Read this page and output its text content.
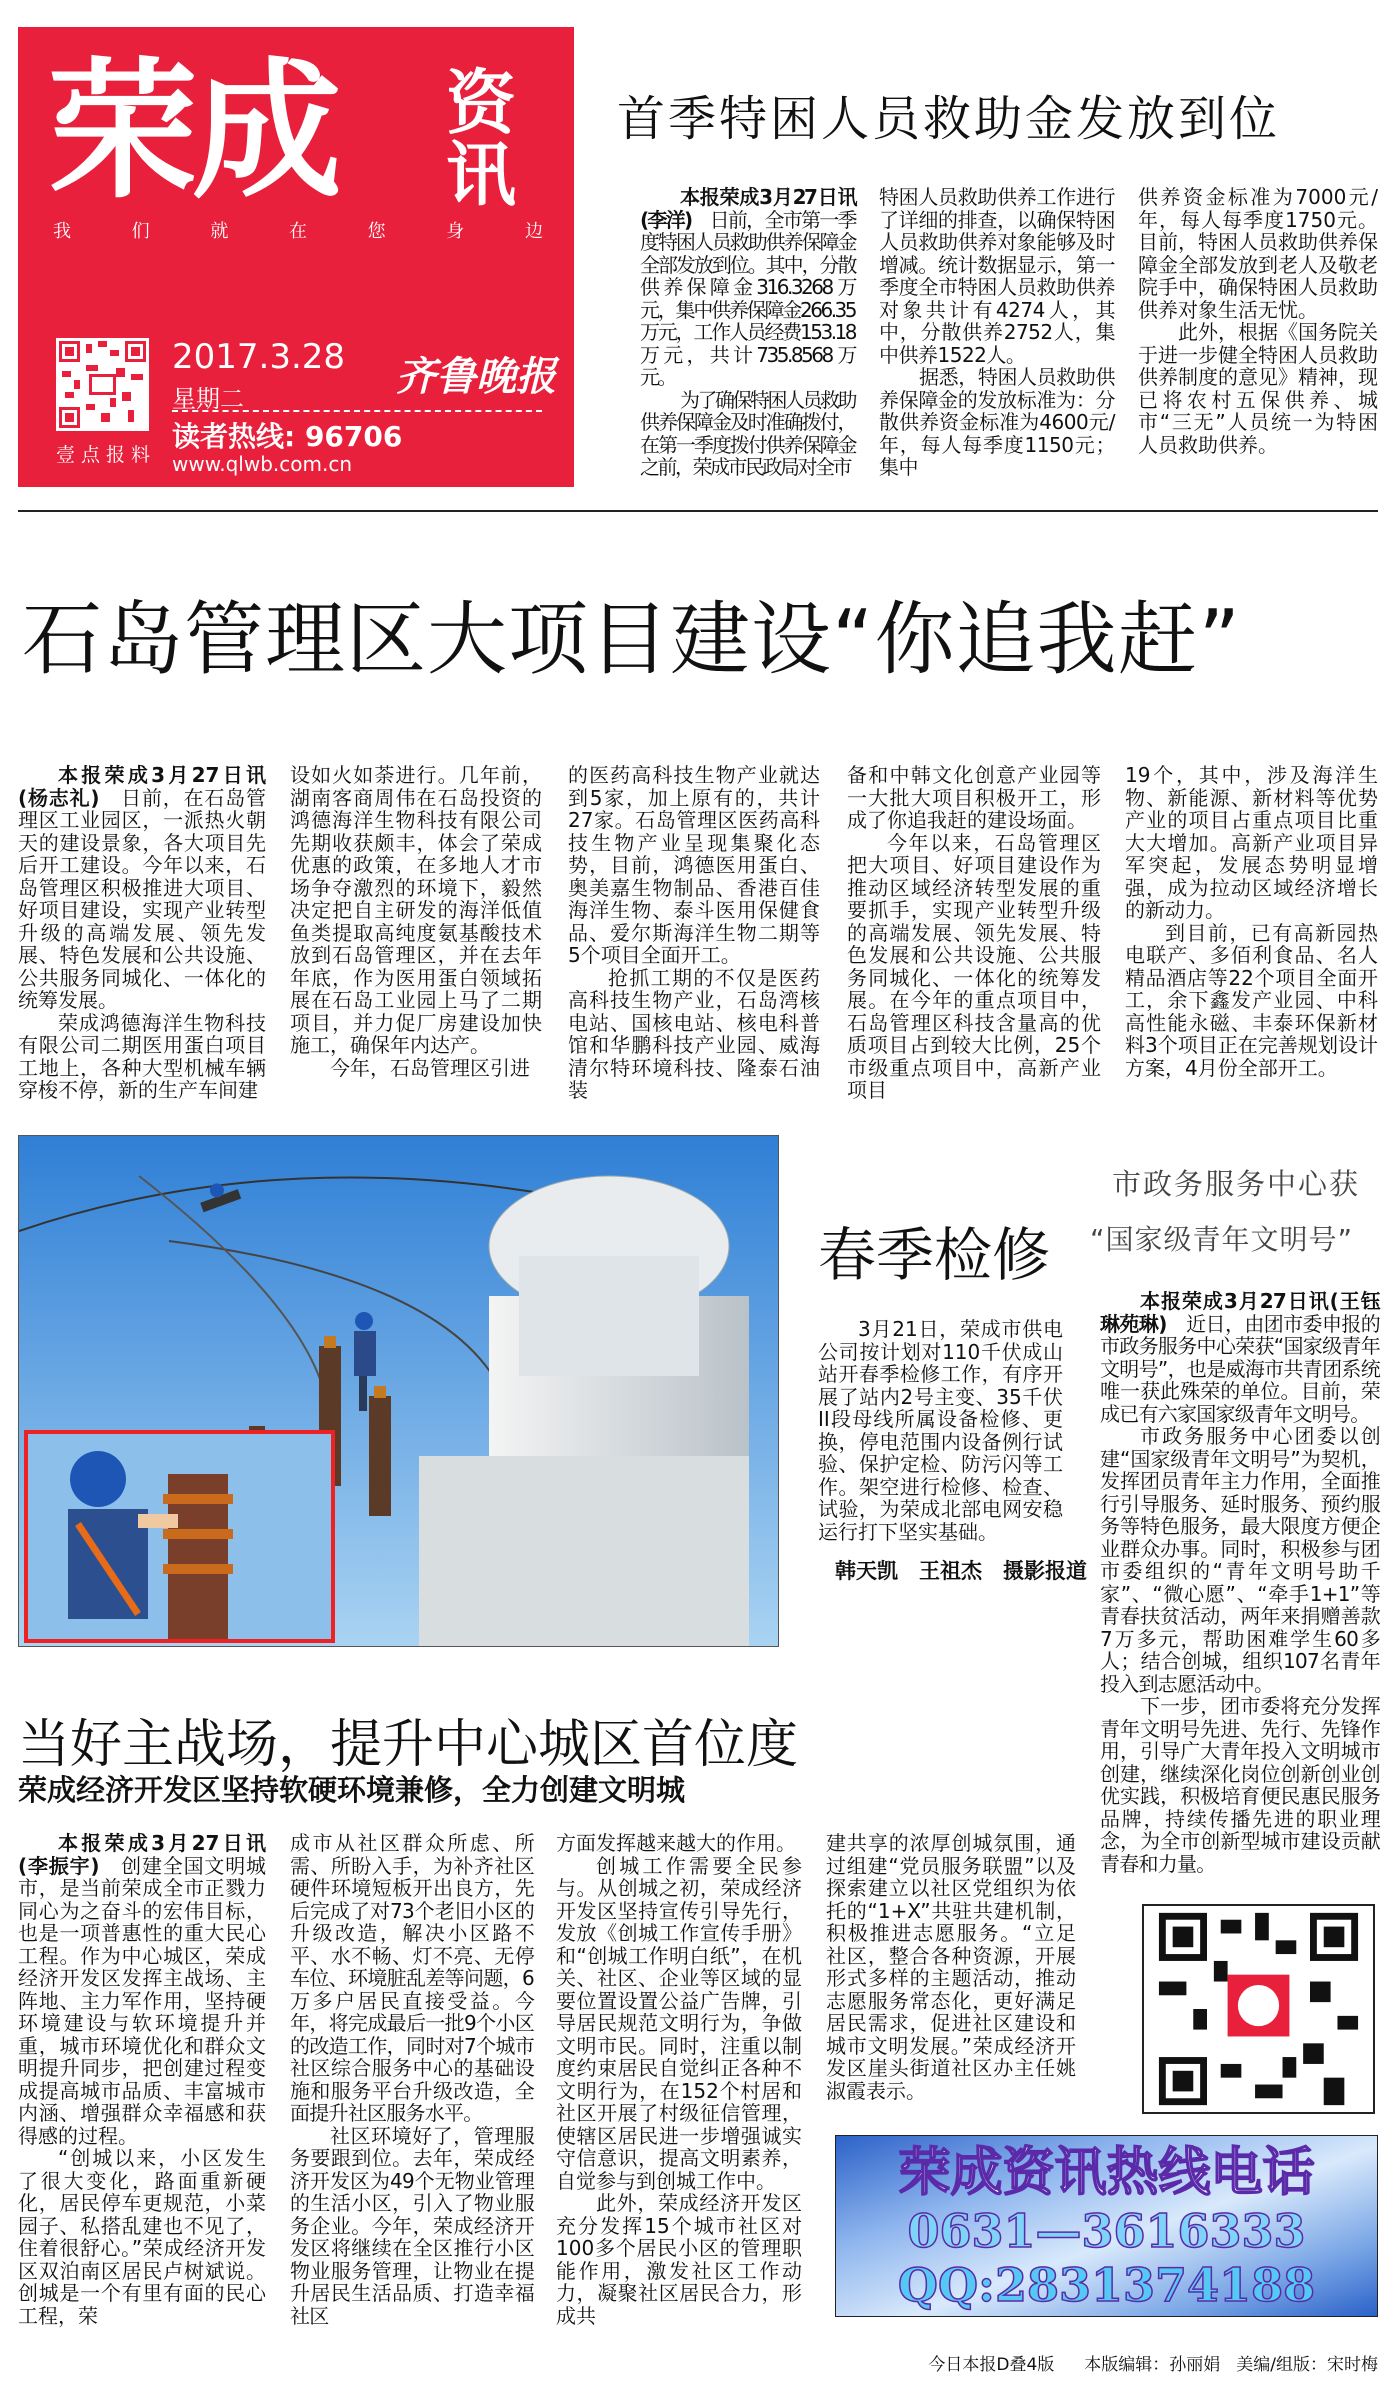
荣成 资
讯
我	们	就	在	您	身	边
壹点报料
2017.3.28
星期二	齐鲁晚报
读者热线: 96706
www.qlwb.com.cn
首季特困人员救助金发放到位

本报荣成3月27日讯(李洋)　 日前，全市第一季度特困人员救助供养保障金全部发放到位。其中，分散供养保障金316.3268万元，集中供养保障金266.35万元，工作人员经费153.18万元，共计735.8568万元。

为了确保特困人员救助供养保障金及时准确拨付，在第一季度拨付供养保障金之前，荣成市民政局对全市

特困人员救助供养工作进行了详细的排查，以确保特困人员救助供养对象能够及时增减。统计数据显示，第一季度全市特困人员救助供养对象共计有4274人，其中，分散供养2752人，集中供养1522人。

据悉，特困人员救助供养保障金的发放标准为：分散供养资金标准为4600元/年，每人每季度1150元；集中

供养资金标准为7000元/年，每人每季度1750元。目前，特困人员救助供养保障金全部发放到老人及敬老院手中，确保特困人员救助供养对象生活无忧。

此外，根据《国务院关于进一步健全特困人员救助供养制度的意见》精神，现已将农村五保供养、城市“三无”人员统一为特困人员救助供养。

石岛管理区大项目建设“你追我赶”

本报荣成3月27日讯(杨志礼)　 日前，在石岛管理区工业园区，一派热火朝天的建设景象，各大项目先后开工建设。今年以来，石岛管理区积极推进大项目、好项目建设，实现产业转型升级的高端发展、领先发展、特色发展和公共设施、公共服务同城化、一体化的统筹发展。

荣成鸿德海洋生物科技有限公司二期医用蛋白项目工地上，各种大型机械车辆穿梭不停，新的生产车间建

设如火如荼进行。几年前，湖南客商周伟在石岛投资的鸿德海洋生物科技有限公司先期收获颇丰，体会了荣成优惠的政策，在多地人才市场争夺激烈的环境下，毅然决定把自主研发的海洋低值鱼类提取高纯度氨基酸技术放到石岛管理区，并在去年年底，作为医用蛋白领域拓展在石岛工业园上马了二期项目，并力促厂房建设加快施工，确保年内达产。

今年，石岛管理区引进

的医药高科技生物产业就达到5家，加上原有的，共计27家。石岛管理区医药高科技生物产业呈现集聚化态势，目前，鸿德医用蛋白、奥美嘉生物制品、香港百佳海洋生物、泰斗医用保健食品、爱尔斯海洋生物二期等5个项目全面开工。

抢抓工期的不仅是医药高科技生物产业，石岛湾核电站、国核电站、核电科普馆和华鹏科技产业园、威海清尔特环境科技、隆泰石油装

备和中韩文化创意产业园等一大批大项目积极开工，形成了你追我赶的建设场面。

今年以来，石岛管理区把大项目、好项目建设作为推动区域经济转型发展的重要抓手，实现产业转型升级的高端发展、领先发展、特色发展和公共设施、公共服务同城化、一体化的统筹发展。在今年的重点项目中，石岛管理区科技含量高的优质项目占到较大比例，25个市级重点项目中，高新产业项目

19个，其中，涉及海洋生物、新能源、新材料等优势产业的项目占重点项目比重大大增加。高新产业项目异军突起，发展态势明显增强，成为拉动区域经济增长的新动力。

到目前，已有高新园热电联产、多佰利食品、名人精品酒店等22个项目全面开工，余下鑫发产业园、中科高性能永磁、丰泰环保新材料3个项目正在完善规划设计方案，4月份全部开工。

春季检修

3月21日，荣成市供电公司按计划对110千伏成山站开春季检修工作，有序开展了站内2号主变、35千伏II段母线所属设备检修、更换，停电范围内设备例行试验、保护定检、防污闪等工作。架空进行检修、检查、试验，为荣成北部电网安稳运行打下坚实基础。

韩天凯　王祖杰　摄影报道
市政务服务中心获
“国家级青年文明号”

本报荣成3月27日讯(王钰琳苑琳)　 近日，由团市委申报的市政务服务中心荣获“国家级青年文明号”，也是威海市共青团系统唯一获此殊荣的单位。目前，荣成已有六家国家级青年文明号。

市政务服务中心团委以创建“国家级青年文明号”为契机，发挥团员青年主力作用，全面推行引导服务、延时服务、预约服务等特色服务，最大限度方便企业群众办事。同时，积极参与团市委组织的“青年文明号助千家”、“微心愿”、“牵手1+1”等青春扶贫活动，两年来捐赠善款7万多元，帮助困难学生60多人；结合创城，组织107名青年投入到志愿活动中。

下一步，团市委将充分发挥青年文明号先进、先行、先锋作用，引导广大青年投入文明城市创建，继续深化岗位创新创业创优实践，积极培育便民惠民服务品牌，持续传播先进的职业理念，为全市创新型城市建设贡献青春和力量。

当好主战场，提升中心城区首位度
荣成经济开发区坚持软硬环境兼修，全力创建文明城

本报荣成3月27日讯(李振宇)　 创建全国文明城市，是当前荣成全市正戮力同心为之奋斗的宏伟目标，也是一项普惠性的重大民心工程。作为中心城区，荣成经济开发区发挥主战场、主阵地、主力军作用，坚持硬环境建设与软环境提升并重，城市环境优化和群众文明提升同步，把创建过程变成提高城市品质、丰富城市内涵、增强群众幸福感和获得感的过程。

“创城以来，小区发生了很大变化，路面重新硬化，居民停车更规范，小菜园子、私搭乱建也不见了，住着很舒心。”荣成经济开发区双泊南区居民卢树斌说。创城是一个有里有面的民心工程，荣

成市从社区群众所虑、所需、所盼入手，为补齐社区硬件环境短板开出良方，先后完成了对73个老旧小区的升级改造，解决小区路不平、水不畅、灯不亮、无停车位、环境脏乱差等问题，6万多户居民直接受益。今年，将完成最后一批9个小区的改造工作，同时对7个城市社区综合服务中心的基础设施和服务平台升级改造，全面提升社区服务水平。

社区环境好了，管理服务要跟到位。去年，荣成经济开发区为49个无物业管理的生活小区，引入了物业服务企业。今年，荣成经济开发区将继续在全区推行小区物业服务管理，让物业在提升居民生活品质、打造幸福社区

方面发挥越来越大的作用。

创城工作需要全民参与。从创城之初，荣成经济开发区坚持宣传引导先行，发放《创城工作宣传手册》和“创城工作明白纸”，在机关、社区、企业等区域的显要位置设置公益广告牌，引导居民规范文明行为，争做文明市民。同时，注重以制度约束居民自觉纠正各种不文明行为，在152个村居和社区开展了村级征信管理，使辖区居民进一步增强诚实守信意识，提高文明素养，自觉参与到创城工作中。

此外，荣成经济开发区充分发挥15个城市社区对100多个居民小区的管理职能作用，激发社区工作动力，凝聚社区居民合力，形成共

建共享的浓厚创城氛围，通过组建“党员服务联盟”以及探索建立以社区党组织为依托的“1+X”共驻共建机制，积极推进志愿服务。“立足社区，整合各种资源，开展形式多样的主题活动，推动志愿服务常态化，更好满足居民需求，促进社区建设和城市文明发展。”荣成经济开发区崖头街道社区办主任姚淑霞表示。

荣成资讯热线电话
0631—3616333
QQ:2831374188
今日本报D叠4版 本版编辑：孙丽娟 美编/组版：宋时梅
